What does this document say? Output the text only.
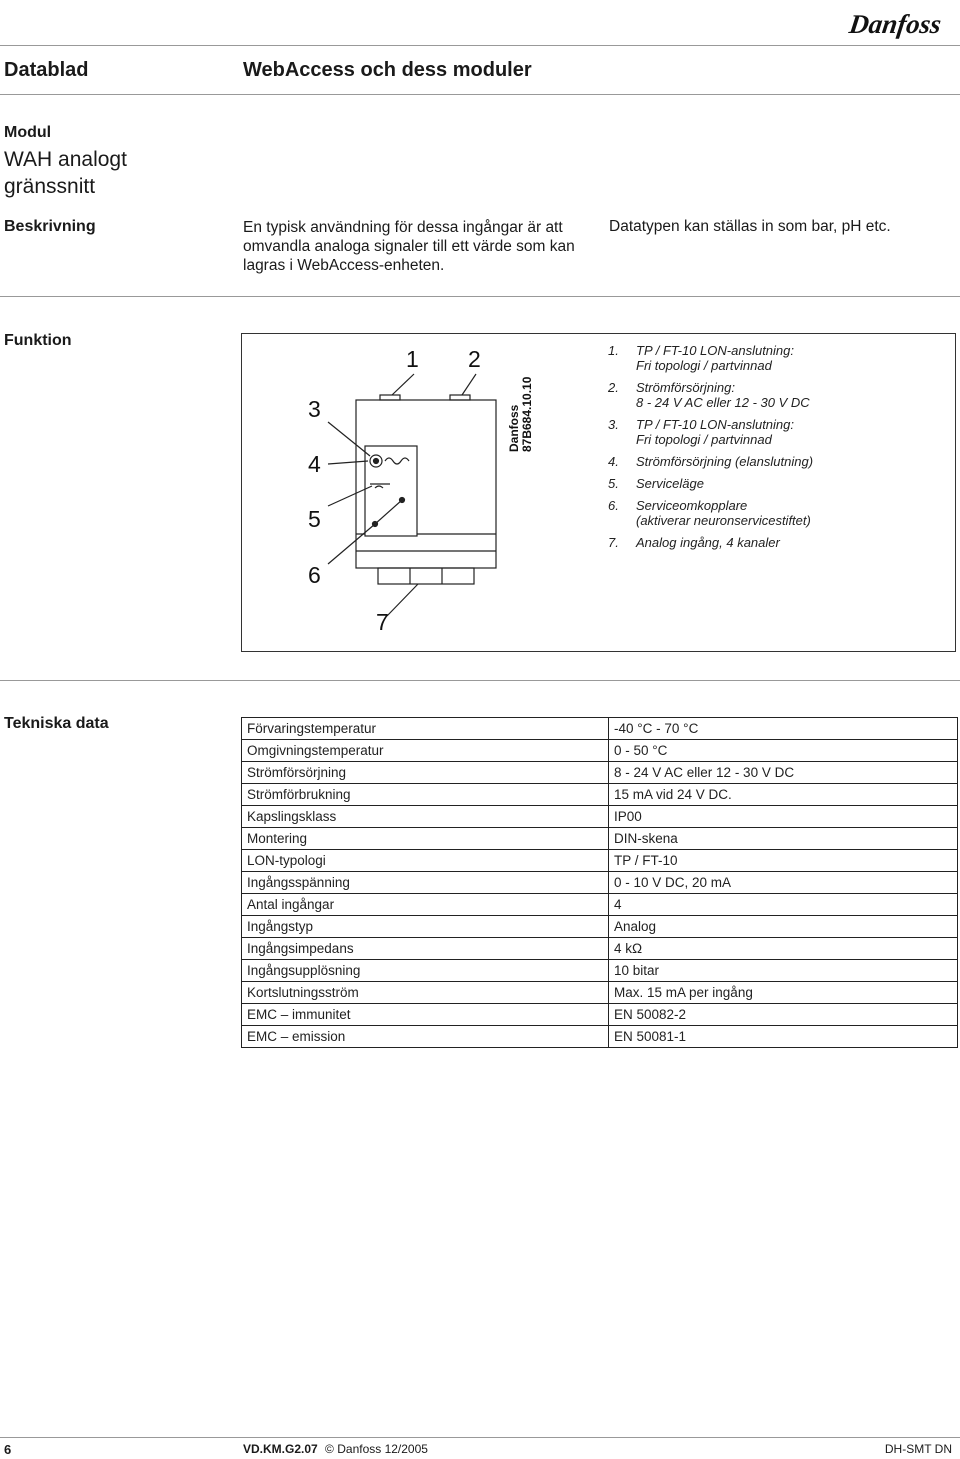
Danfoss
Datablad	WebAccess och dess moduler
Modul
WAH analogt
gränssnitt
Beskrivning	En typisk användning för dessa ingångar är att
omvandla analoga signaler till ett värde som kan
lagras i WebAccess-enheten.
Datatypen kan ställas in som bar, pH etc.
Funktion
1 2
3
4
5
6
7
Danfoss 87B684.10.10
1.	TP / FT-10 LON-anslutning:
Fri topologi / partvinnad
2.	Strömförsörjning:
8 - 24 V AC eller 12 - 30 V DC
3.	TP / FT-10 LON-anslutning:
Fri topologi / partvinnad
4.	Strömförsörjning (elanslutning)
5.	Serviceläge
6.	Serviceomkopplare
(aktiverar neuronservicestiftet)
7.	Analog ingång, 4 kanaler
Tekniska data	Förvaringstemperatur	-40 °C - 70 °C
Omgivningstemperatur	0 - 50 °C
Strömförsörjning	8 - 24 V AC eller 12 - 30 V DC
Strömförbrukning	15 mA vid 24 V DC.
Kapslingsklass	IP00
Montering	DIN-skena
LON-typologi	TP / FT-10
Ingångsspänning	0 - 10 V DC, 20 mA
Antal ingångar	4
Ingångstyp	Analog
Ingångsimpedans	4 kΩ
Ingångsupplösning	10 bitar
Kortslutningsström	Max. 15 mA per ingång
EMC – immunitet	EN 50082-2
EMC – emission	EN 50081-1
6	VD.KM.G2.07 © Danfoss 12/2005	DH-SMT DN
